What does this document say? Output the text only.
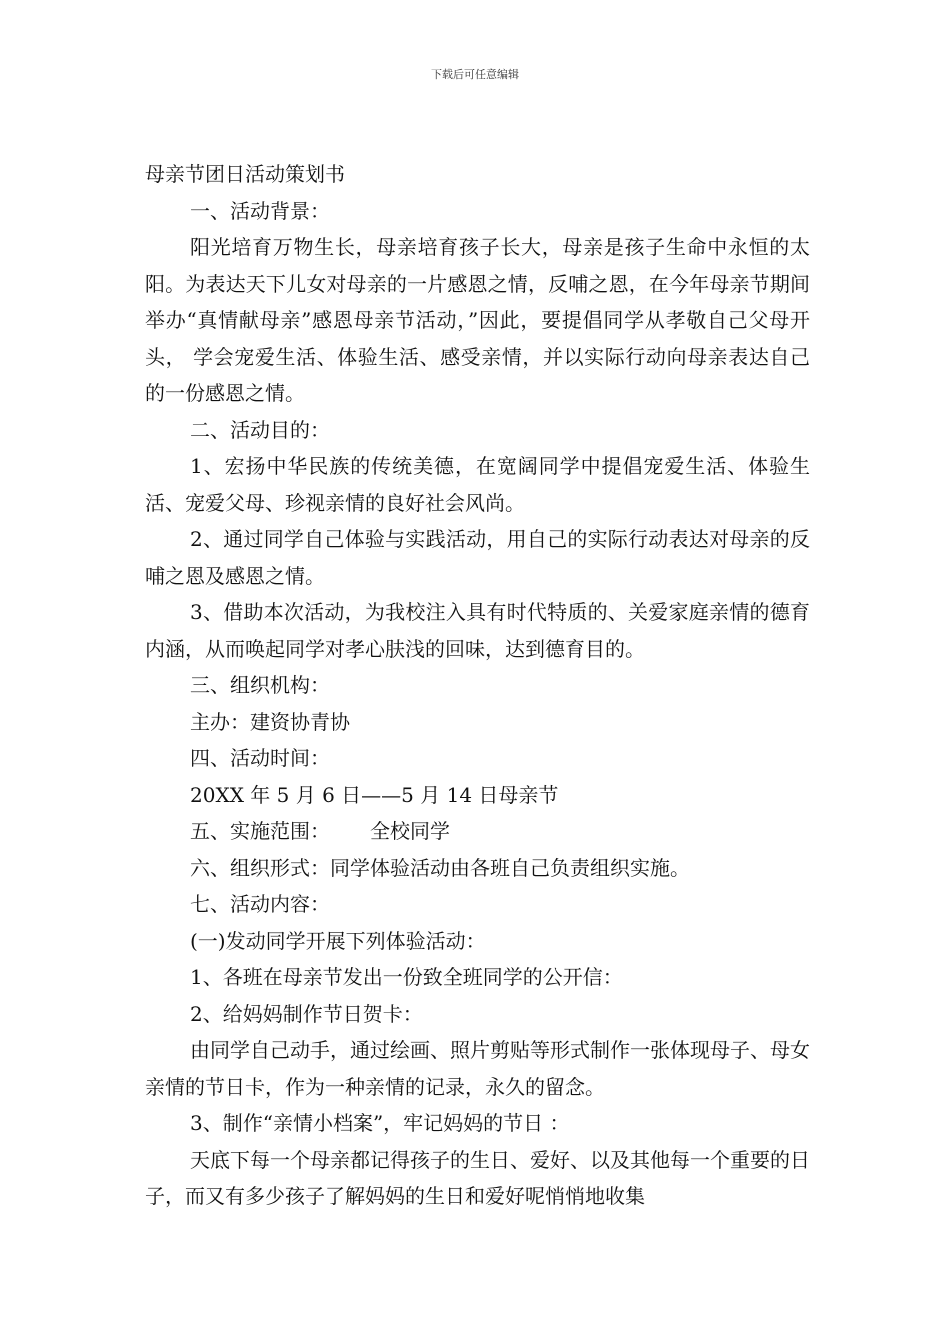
下载后可任意编辑

母亲节团日活动策划书

一、活动背景：

阳光培育万物生长，母亲培育孩子长大，母亲是孩子生命中永恒的太阳。为表达天下儿女对母亲的一片感恩之情，反哺之恩，在今年母亲节期间举办“真情献母亲”感恩母亲节活动，”因此，要提倡同学从孝敬自己父母开头， 学会宠爱生活、体验生活、感受亲情，并以实际行动向母亲表达自己的一份感恩之情。

二、活动目的：

1、宏扬中华民族的传统美德，在宽阔同学中提倡宠爱生活、体验生活、宠爱父母、珍视亲情的良好社会风尚。

2、通过同学自己体验与实践活动，用自己的实际行动表达对母亲的反哺之恩及感恩之情。

3、借助本次活动，为我校注入具有时代特质的、关爱家庭亲情的德育内涵，从而唤起同学对孝心肤浅的回味，达到德育目的。

三、组织机构：

主办：建资协青协

四、活动时间：

20XX 年 5 月 6 日——5 月 14 日母亲节

五、实施范围： 全校同学

六、组织形式：同学体验活动由各班自己负责组织实施。

七、活动内容：

(一)发动同学开展下列体验活动：

1、各班在母亲节发出一份致全班同学的公开信：

2、给妈妈制作节日贺卡：

由同学自己动手，通过绘画、照片剪贴等形式制作一张体现母子、母女亲情的节日卡，作为一种亲情的记录，永久的留念。

3、制作“亲情小档案”，牢记妈妈的节日 ：

天底下每一个母亲都记得孩子的生日、爱好、以及其他每一个重要的日子，而又有多少孩子了解妈妈的生日和爱好呢悄悄地收集
